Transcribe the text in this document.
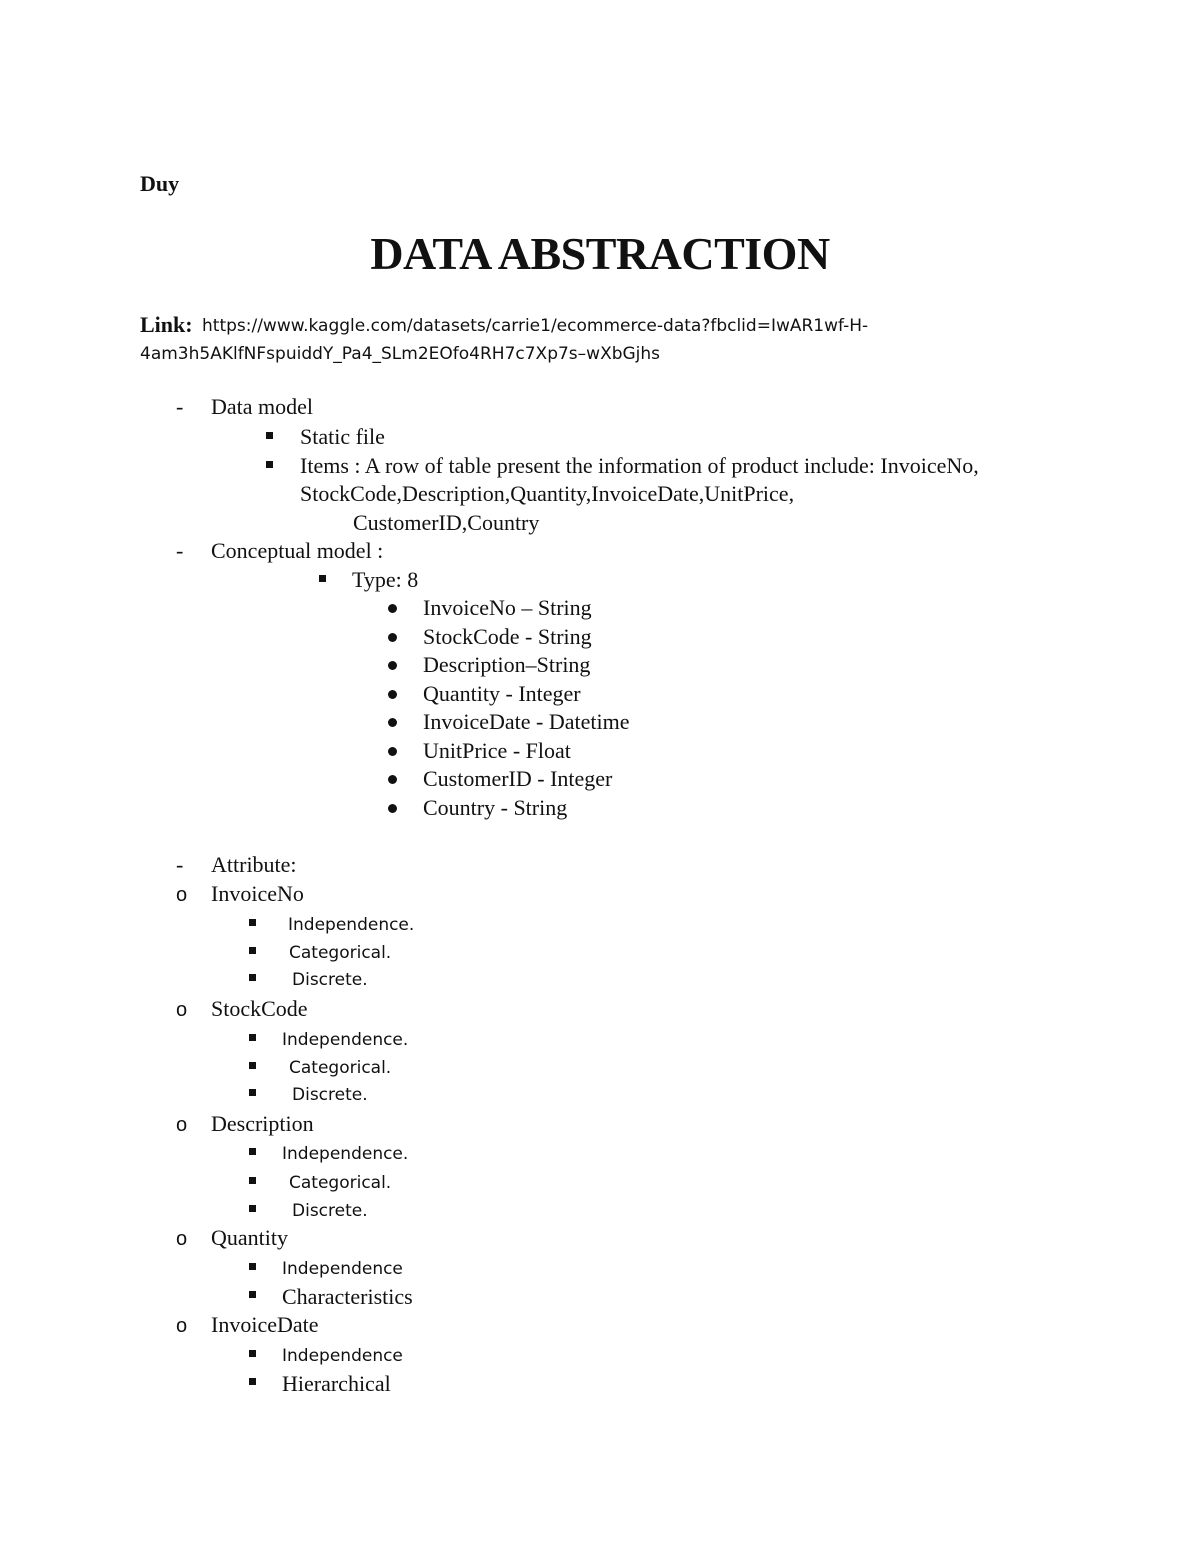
Duy
DATA ABSTRACTION
Link: https://www.kaggle.com/datasets/carrie1/ecommerce-data?fbclid=IwAR1wf-H-
4am3h5AKlfNFspuiddY_Pa4_SLm2EOfo4RH7c7Xp7s–wXbGjhs
- Data model
Static file
Items : A row of table present the information of product include: InvoiceNo,
StockCode,Description,Quantity,InvoiceDate,UnitPrice,
CustomerID,Country
- Conceptual model :
Type: 8
InvoiceNo – String
StockCode - String
Description–String
Quantity - Integer
InvoiceDate - Datetime
UnitPrice - Float
CustomerID - Integer
Country - String
- Attribute:
o InvoiceNo
Independence.
Categorical.
Discrete.
o StockCode
Independence.
Categorical.
Discrete.
o Description
Independence.
Categorical.
Discrete.
o Quantity
Independence
Characteristics
o InvoiceDate
Independence
Hierarchical
